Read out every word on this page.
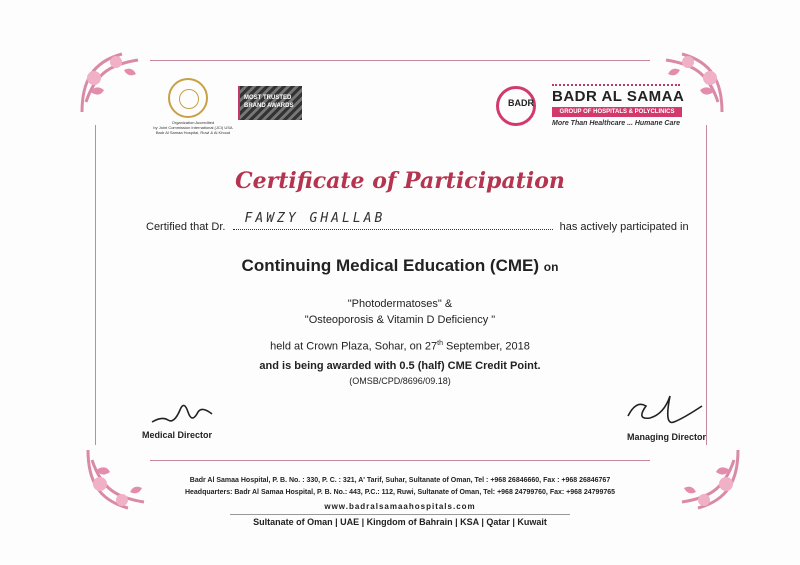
Organization Accredited
by Joint Commission International (JCI) USA
Badr Al Samaa Hospital, Ruwi & Al Khoud
MOST TRUSTED BRAND AWARDS	BADR BADR AL SAMAA
GROUP OF HOSPITALS & POLYCLINICS
More Than Healthcare ... Humane Care
Certificate of Participation
Certified that Dr.
FAWZY GHALLAB
has actively participated in
Continuing Medical Education (CME) on
"Photodermatoses" &
"Osteoporosis & Vitamin D Deficiency "
held at Crown Plaza, Sohar, on 27th September, 2018
and is being awarded with 0.5 (half) CME Credit Point.
(OMSB/CPD/8696/09.18)
Medical Director	Managing Director
Badr Al Samaa Hospital, P. B. No. : 330, P. C. : 321, A' Tarif, Suhar, Sultanate of Oman, Tel : +968 26846660, Fax : +968 26846767
Headquarters: Badr Al Samaa Hospital, P. B. No.: 443, P.C.: 112, Ruwi, Sultanate of Oman, Tel: +968 24799760, Fax: +968 24799765
www.badralsamaahospitals.com
Sultanate of Oman | UAE | Kingdom of Bahrain | KSA | Qatar | Kuwait
